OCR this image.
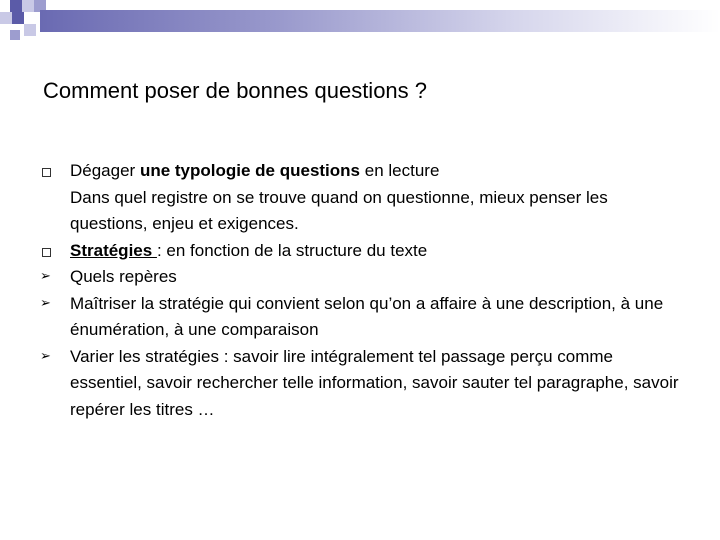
Comment poser de bonnes questions ?
Dégager une typologie de questions en lecture
Dans quel registre on se trouve quand on questionne, mieux penser les questions, enjeu et exigences.
Stratégies : en fonction de la structure du texte
➢ Quels repères
➢ Maîtriser la stratégie qui convient selon qu’on a affaire à une description, à une énumération, à une comparaison
➢ Varier les stratégies : savoir lire intégralement tel passage perçu comme essentiel, savoir rechercher telle information, savoir sauter tel paragraphe, savoir repérer les titres …
